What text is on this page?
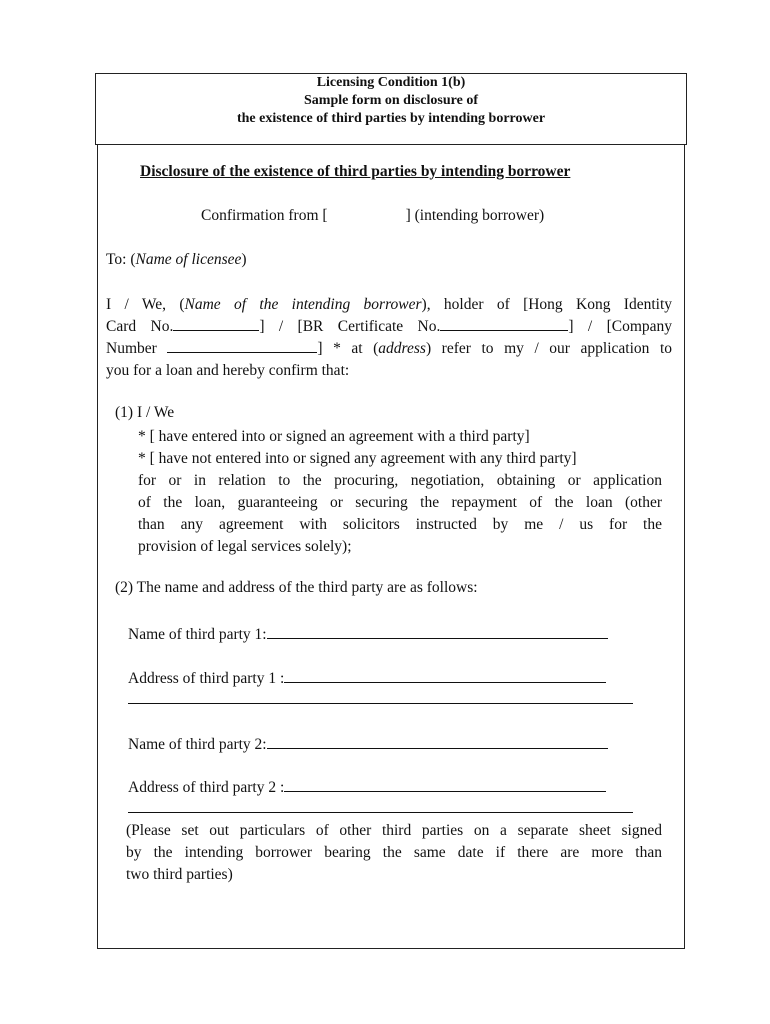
Licensing Condition 1(b)
Sample form on disclosure of
the existence of third parties by intending borrower
Disclosure of the existence of third parties by intending borrower
Confirmation from [	] (intending borrower)
To: (Name of licensee)
I / We, (Name of the intending borrower), holder of [Hong Kong Identity
Card No.	] / [BR Certificate No.	] / [Company
Number	] * at (address) refer to my / our application to
you for a loan and hereby confirm that:
(1) I / We
* [ have entered into or signed an agreement with a third party]
* [ have not entered into or signed any agreement with any third party]
for or in relation to the procuring, negotiation, obtaining or application
of the loan, guaranteeing or securing the repayment of the loan (other
than any agreement with solicitors instructed by me / us for the
provision of legal services solely);
(2) The name and address of the third party are as follows:
Name of third party 1:
Address of third party 1 :
Name of third party 2:
Address of third party 2 :
(Please set out particulars of other third parties on a separate sheet signed
by the intending borrower bearing the same date if there are more than
two third parties)
